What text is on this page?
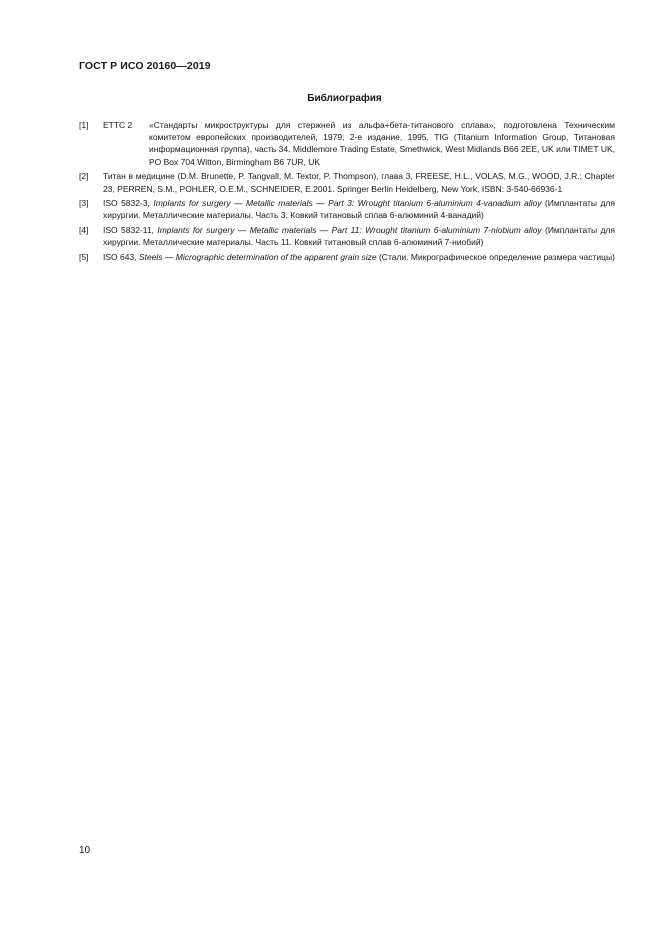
ГОСТ Р ИСО 20160—2019
Библиография
[1]	ETTC 2	«Стандарты микроструктуры для стержней из альфа+бета-титанового сплава», подготовлена Техническим комитетом европейских производителей, 1979; 2-е издание, 1995, TIG (Titanium Information Group, Титановая информационная группа), часть 34. Middlemore Trading Estate, Smethwick, West Midlands B66 2EE, UK или TIMET UK, PO Box 704 Witton, Birmingham B6 7UR, UK
[2]	Титан в медицине (D.M. Brunette, P. Tangvall, M. Textor, P. Thompson), глава 3, FREESE, H.L., VOLAS, M.G., WOOD, J.R.; Chapter 23, PERREN, S.M., POHLER, O.E.M., SCHNEIDER, E.2001. Springer Berlin Heidelberg, New York, ISBN: 3-540-66936-1
[3]	ISO 5832-3, Implants for surgery — Metallic materials — Part 3: Wrought titanium 6-aluminium 4-vanadium alloy (Имплантаты для хирургии. Металлические материалы. Часть 3. Ковкий титановый сплав 6-алюминий 4-ванадий)
[4]	ISO 5832-11, Implants for surgery — Metallic materials — Part 11: Wrought titanium 6-aluminium 7-niobium alloy (Имплантаты для хирургии. Металлические материалы. Часть 11. Ковкий титановый сплав 6-алюминий 7-ниобий)
[5]	ISO 643, Steels — Micrographic determination of the apparent grain size (Стали. Микрографическое определение размера частицы)
10
